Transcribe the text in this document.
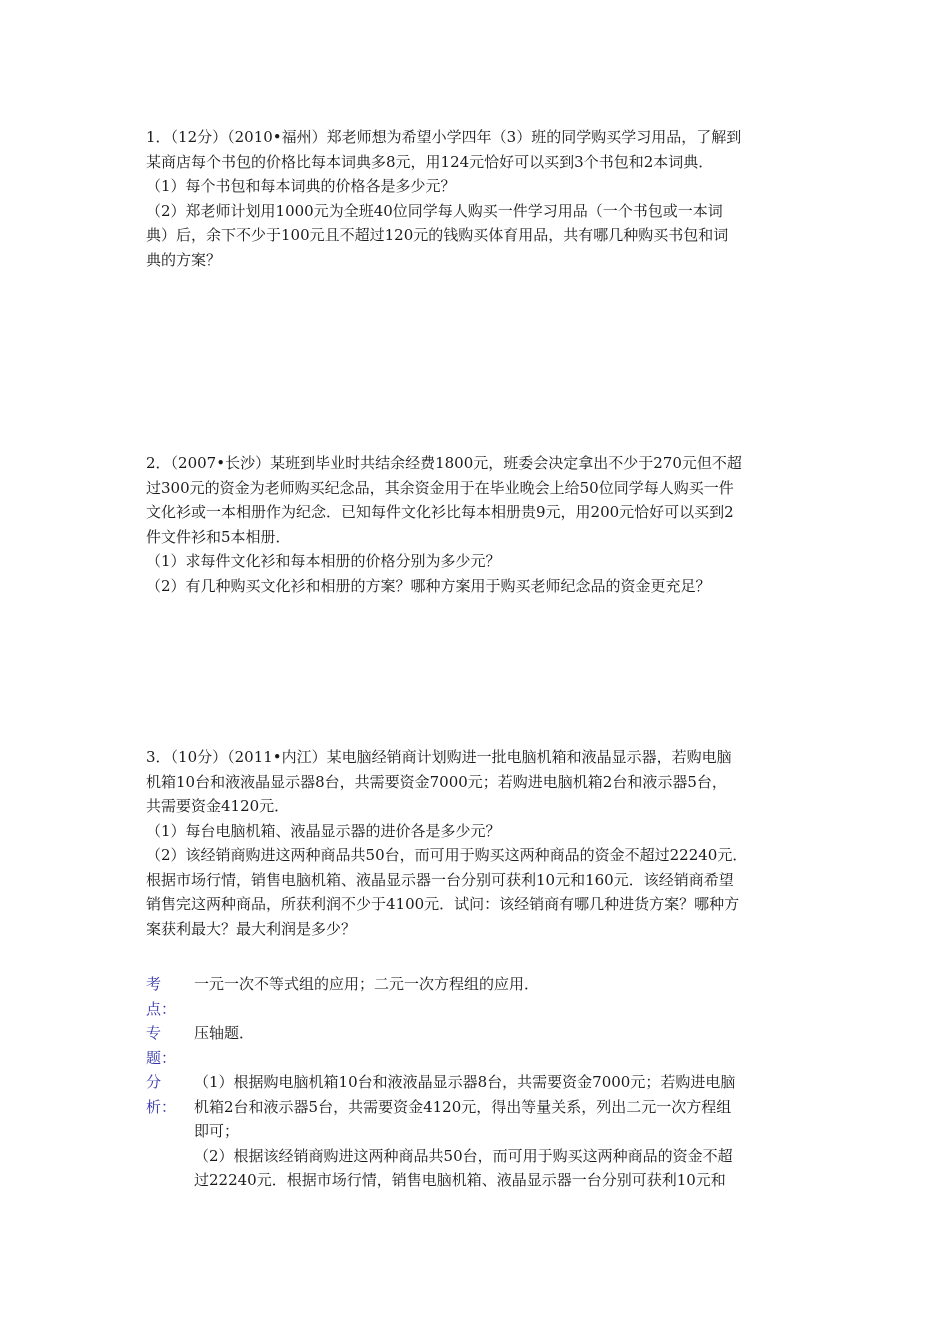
1．（12分）（2010•福州）郑老师想为希望小学四年（3）班的同学购买学习用品，了解到

某商店每个书包的价格比每本词典多8元，用124元恰好可以买到3个书包和2本词典．

（1）每个书包和每本词典的价格各是多少元？

（2）郑老师计划用1000元为全班40位同学每人购买一件学习用品（一个书包或一本词

典）后，余下不少于100元且不超过120元的钱购买体育用品，共有哪几种购买书包和词

典的方案？

2．（2007•长沙）某班到毕业时共结余经费1800元，班委会决定拿出不少于270元但不超

过300元的资金为老师购买纪念品，其余资金用于在毕业晚会上给50位同学每人购买一件

文化衫或一本相册作为纪念．已知每件文化衫比每本相册贵9元，用200元恰好可以买到2

件文件衫和5本相册．

（1）求每件文化衫和每本相册的价格分别为多少元？

（2）有几种购买文化衫和相册的方案？哪种方案用于购买老师纪念品的资金更充足？

3．（10分）（2011•内江）某电脑经销商计划购进一批电脑机箱和液晶显示器，若购电脑

机箱10台和液液晶显示器8台，共需要资金7000元；若购进电脑机箱2台和液示器5台，

共需要资金4120元．

（1）每台电脑机箱、液晶显示器的进价各是多少元？

（2）该经销商购进这两种商品共50台，而可用于购买这两种商品的资金不超过22240元．

根据市场行情，销售电脑机箱、液晶显示器一台分别可获利10元和160元．该经销商希望

销售完这两种商品，所获利润不少于4100元．试问：该经销商有哪几种进货方案？哪种方

案获利最大？最大利润是多少？

考
点：

一元一次不等式组的应用；二元一次方程组的应用．

专
题：

压轴题．

分
析：

（1）根据购电脑机箱10台和液液晶显示器8台，共需要资金7000元；若购进电脑

机箱2台和液示器5台，共需要资金4120元，得出等量关系，列出二元一次方程组

即可；

（2）根据该经销商购进这两种商品共50台，而可用于购买这两种商品的资金不超

过22240元．根据市场行情，销售电脑机箱、液晶显示器一台分别可获利10元和
